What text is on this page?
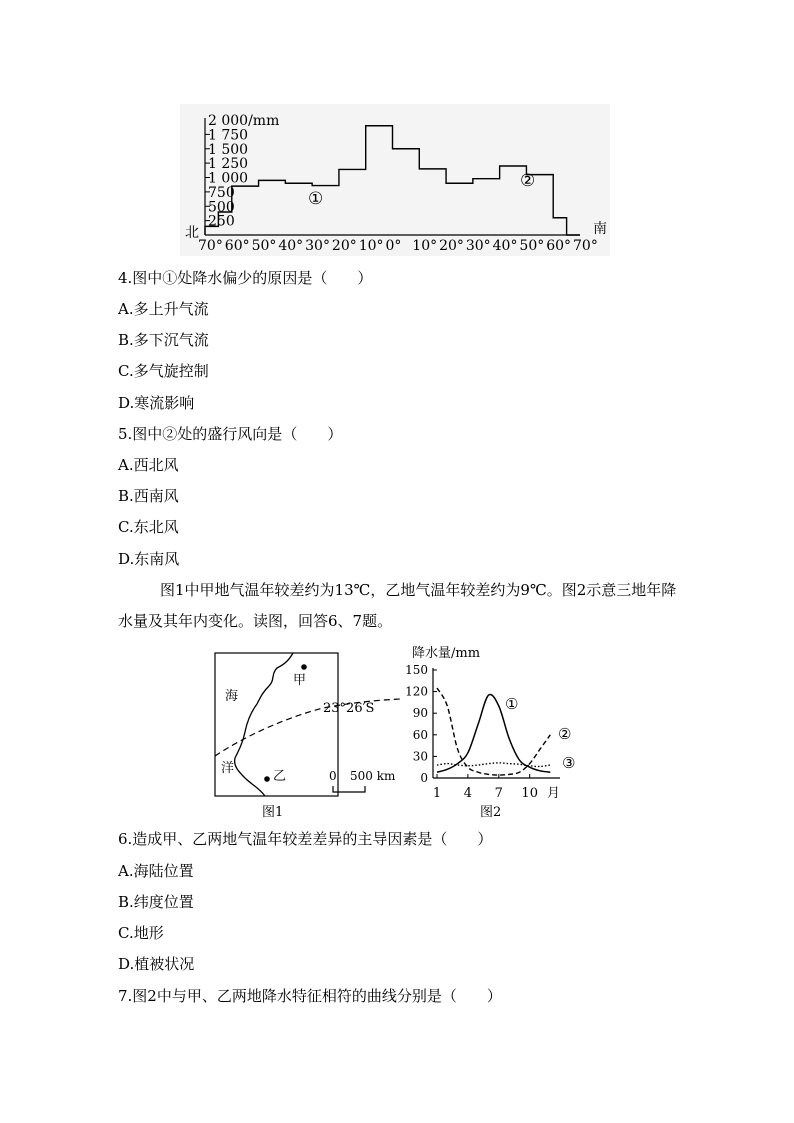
2 000/mm
1 750
1 500
1 250
1 000
750
500
250
70° 60° 50° 40° 30° 20° 10° 0° 10° 20° 30° 40° 50° 60° 70°
北	南
①
②
4.图中①处降水偏少的原因是（　　）
A.多上升气流
B.多下沉气流
C.多气旋控制
D.寒流影响
5.图中②处的盛行风向是（　　）
A.西北风
B.西南风
C.东北风
D.东南风
图1中甲地气温年较差约为13℃，乙地气温年较差约为9℃。图2示意三地年降水量及其年内变化。读图，回答6、7题。
甲
海
洋
乙
23°26′S
0 500 km
图1
降水量/mm
150
120
90
60
30
0
1 4 7 10 月
①
②
③
图2
6.造成甲、乙两地气温年较差差异的主导因素是（　　）
A.海陆位置
B.纬度位置
C.地形
D.植被状况
7.图2中与甲、乙两地降水特征相符的曲线分别是（　　）
